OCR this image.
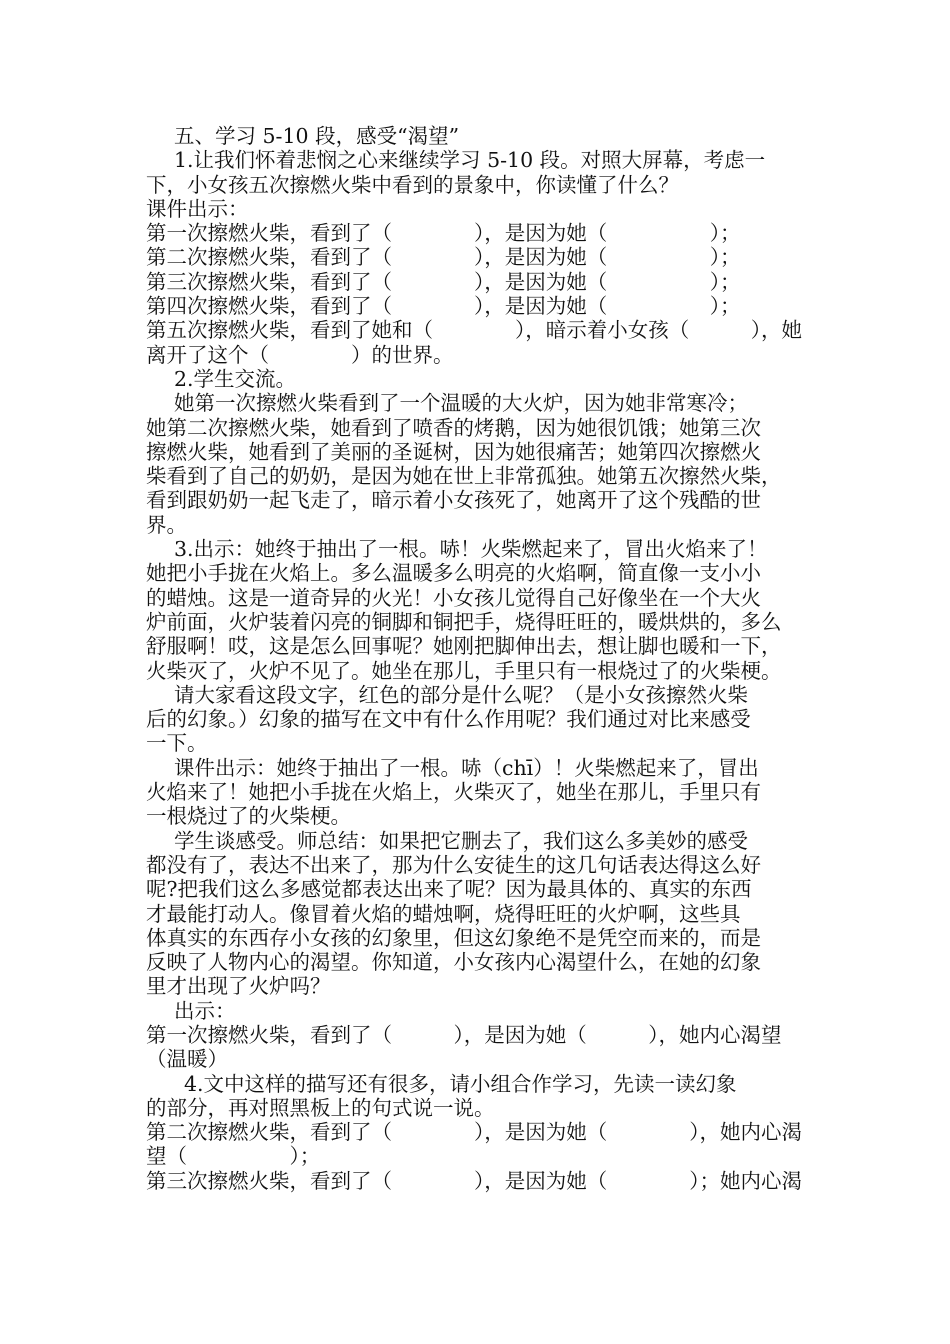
五、学习 5-10 段，感受“渴望”
1.让我们怀着悲悯之心来继续学习 5-10 段。对照大屏幕，考虑一
下，小女孩五次擦燃火柴中看到的景象中，你读懂了什么？
课件出示：
第一次擦燃火柴，看到了（　　　　），是因为她（　　　　　）；
第二次擦燃火柴，看到了（　　　　），是因为她（　　　　　）；
第三次擦燃火柴，看到了（　　　　），是因为她（　　　　　）；
第四次擦燃火柴，看到了（　　　　），是因为她（　　　　　）；
第五次擦燃火柴，看到了她和（　　　　），暗示着小女孩（　　　），她
离开了这个（　　　　）的世界。
2.学生交流。
她第一次擦燃火柴看到了一个温暖的大火炉，因为她非常寒冷；
她第二次擦燃火柴，她看到了喷香的烤鹅，因为她很饥饿；她第三次
擦燃火柴，她看到了美丽的圣诞树，因为她很痛苦；她第四次擦燃火
柴看到了自己的奶奶，是因为她在世上非常孤独。她第五次擦然火柴，
看到跟奶奶一起飞走了，暗示着小女孩死了，她离开了这个残酷的世
界。
3.出示：她终于抽出了一根。哧！火柴燃起来了，冒出火焰来了！
她把小手拢在火焰上。多么温暖多么明亮的火焰啊，简直像一支小小
的蜡烛。这是一道奇异的火光！小女孩儿觉得自己好像坐在一个大火
炉前面，火炉装着闪亮的铜脚和铜把手，烧得旺旺的，暖烘烘的，多么
舒服啊！哎，这是怎么回事呢？她刚把脚伸出去，想让脚也暖和一下，
火柴灭了，火炉不见了。她坐在那儿，手里只有一根烧过了的火柴梗。
请大家看这段文字，红色的部分是什么呢？（是小女孩擦然火柴
后的幻象。）幻象的描写在文中有什么作用呢？我们通过对比来感受
一下。
课件出示：她终于抽出了一根。哧（chī）！火柴燃起来了，冒出
火焰来了！她把小手拢在火焰上，火柴灭了，她坐在那儿，手里只有
一根烧过了的火柴梗。
学生谈感受。师总结：如果把它删去了，我们这么多美妙的感受
都没有了，表达不出来了，那为什么安徒生的这几句话表达得这么好
呢?把我们这么多感觉都表达出来了呢？因为最具体的、真实的东西
才最能打动人。像冒着火焰的蜡烛啊，烧得旺旺的火炉啊，这些具
体真实的东西存小女孩的幻象里，但这幻象绝不是凭空而来的，而是
反映了人物内心的渴望。你知道，小女孩内心渴望什么，在她的幻象
里才出现了火炉吗？
出示：
第一次擦燃火柴，看到了（　　　），是因为她（　　　），她内心渴望
（温暖）
4.文中这样的描写还有很多，请小组合作学习，先读一读幻象
的部分，再对照黑板上的句式说一说。
第二次擦燃火柴，看到了（　　　　），是因为她（　　　　），她内心渴
望（　　　　　）；
第三次擦燃火柴，看到了（　　　　），是因为她（　　　　）；她内心渴
